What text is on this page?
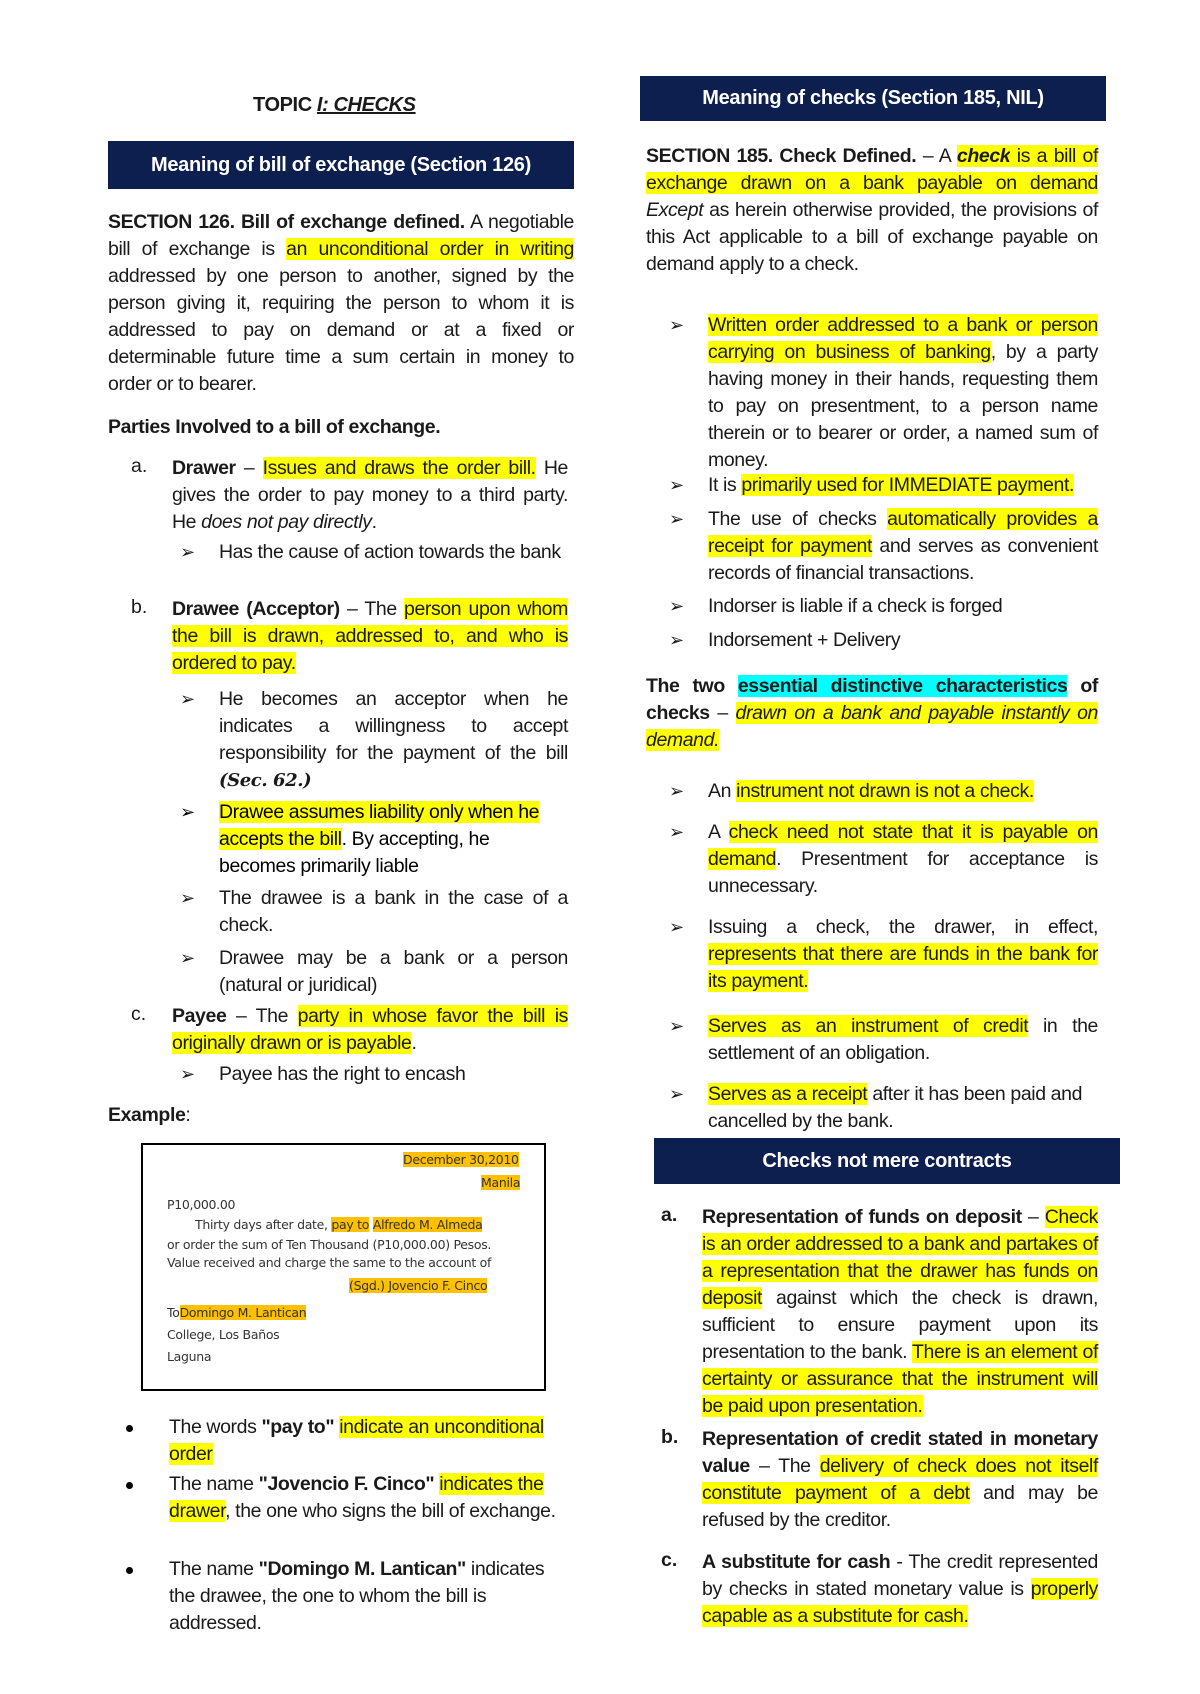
TOPIC I: CHECKS
Meaning of bill of exchange (Section 126)
SECTION 126. Bill of exchange defined. A negotiable bill of exchange is an unconditional order in writing addressed by one person to another, signed by the person giving it, requiring the person to whom it is addressed to pay on demand or at a fixed or determinable future time a sum certain in money to order or to bearer.
Parties Involved to a bill of exchange.
a. Drawer – Issues and draws the order bill. He gives the order to pay money to a third party. He does not pay directly.
➢ Has the cause of action towards the bank
b. Drawee (Acceptor) – The person upon whom the bill is drawn, addressed to, and who is ordered to pay.
➢ He becomes an acceptor when he indicates a willingness to accept responsibility for the payment of the bill (Sec. 62.)
➢ Drawee assumes liability only when he accepts the bill. By accepting, he becomes primarily liable
➢ The drawee is a bank in the case of a check.
➢ Drawee may be a bank or a person (natural or juridical)
c. Payee – The party in whose favor the bill is originally drawn or is payable.
➢ Payee has the right to encash
Example:
December 30,2010
Manila
P10,000.00
Thirty days after date, pay to Alfredo M. Almeda
or order the sum of Ten Thousand (P10,000.00) Pesos.
Value received and charge the same to the account of
(Sgd.) Jovencio F. Cinco
ToDomingo M. Lantican
College, Los Baños
Laguna
The words "pay to" indicate an unconditional order
The name "Jovencio F. Cinco" indicates the drawer, the one who signs the bill of exchange.
The name "Domingo M. Lantican" indicates the drawee, the one to whom the bill is addressed.
Meaning of checks (Section 185, NIL)
SECTION 185. Check Defined. – A check is a bill of exchange drawn on a bank payable on demand Except as herein otherwise provided, the provisions of this Act applicable to a bill of exchange payable on demand apply to a check.
➢ Written order addressed to a bank or person carrying on business of banking, by a party having money in their hands, requesting them to pay on presentment, to a person name therein or to bearer or order, a named sum of money.
➢ It is primarily used for IMMEDIATE payment.
➢ The use of checks automatically provides a receipt for payment and serves as convenient records of financial transactions.
➢ Indorser is liable if a check is forged
➢ Indorsement + Delivery
The two essential distinctive characteristics of checks – drawn on a bank and payable instantly on demand.
➢ An instrument not drawn is not a check.
➢ A check need not state that it is payable on demand. Presentment for acceptance is unnecessary.
➢ Issuing a check, the drawer, in effect, represents that there are funds in the bank for its payment.
➢ Serves as an instrument of credit in the settlement of an obligation.
➢ Serves as a receipt after it has been paid and cancelled by the bank.
Checks not mere contracts
a. Representation of funds on deposit – Check is an order addressed to a bank and partakes of a representation that the drawer has funds on deposit against which the check is drawn, sufficient to ensure payment upon its presentation to the bank. There is an element of certainty or assurance that the instrument will be paid upon presentation.
b. Representation of credit stated in monetary value – The delivery of check does not itself constitute payment of a debt and may be refused by the creditor.
c. A substitute for cash - The credit represented by checks in stated monetary value is properly capable as a substitute for cash.
